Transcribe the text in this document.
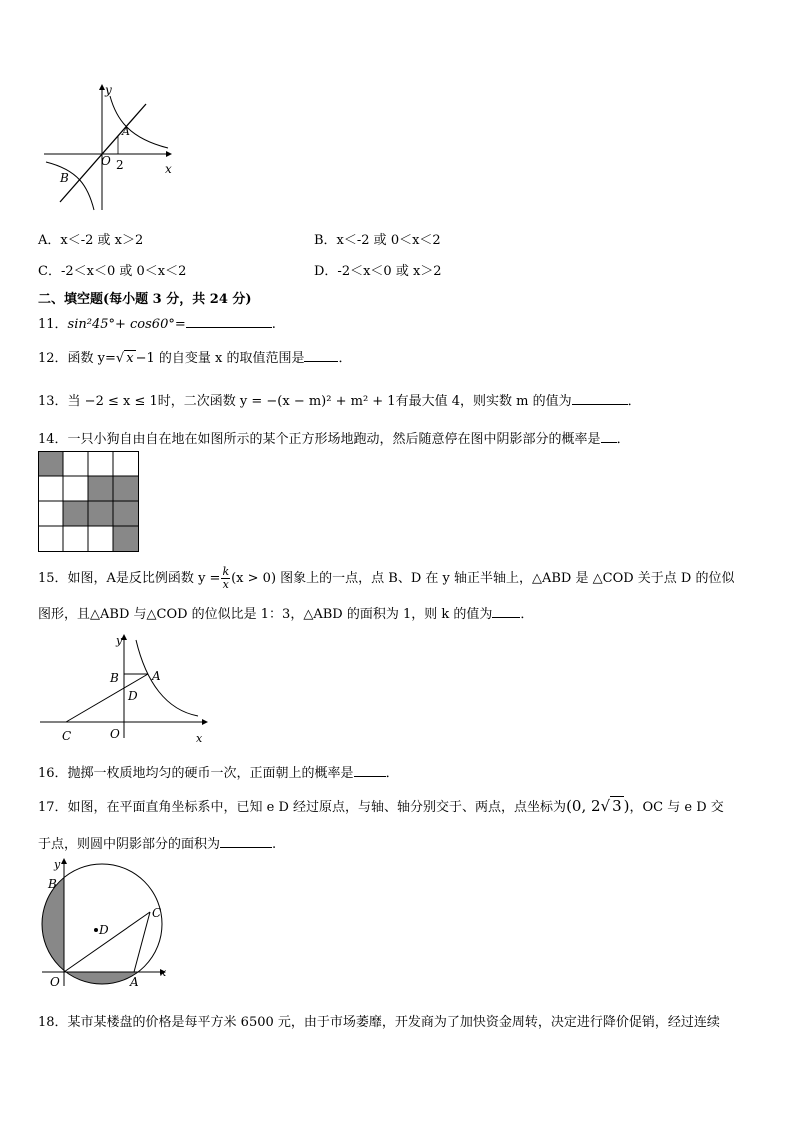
y
x
O 2
A
B
A．x＜-2 或 x＞2	B．x＜-2 或 0＜x＜2
C．-2＜x＜0 或 0＜x＜2	D．-2＜x＜0 或 x＞2
二、填空题(每小题 3 分，共 24 分)
11．sin²45°+ cos60°=	.
12．函数 y=√ x −1 的自变量 x 的取值范围是	．
13．当 −2 ≤ x ≤ 1时，二次函数 y = −(x − m)² + m² + 1有最大值 4，则实数 m 的值为	．
14．一只小狗自由自在地在如图所示的某个正方形场地跑动，然后随意停在图中阴影部分的概率是 ．
15．如图，A是反比例函数 $y = \frac{k}{x} (x > 0)$ 图象上的一点，点 B、D 在 y 轴正半轴上，△ABD 是 △COD 关于点 D 的位似
图形，且△ABD 与△COD 的位似比是 1：3，△ABD 的面积为 1，则 k 的值为 ．
y
x
B	A
D
C	O
16．抛掷一枚质地均匀的硬币一次，正面朝上的概率是 ．
17．如图，在平面直角坐标系中，已知 e D 经过原点，与轴、轴分别交于、两点，点坐标为(0, 2√ 3 )，OC 与 e D 交
于点，则圆中阴影部分的面积为	.
y
B
D
C
O	A
x
18．某市某楼盘的价格是每平方米 6500 元，由于市场萎靡，开发商为了加快资金周转，决定进行降价促销，经过连续
